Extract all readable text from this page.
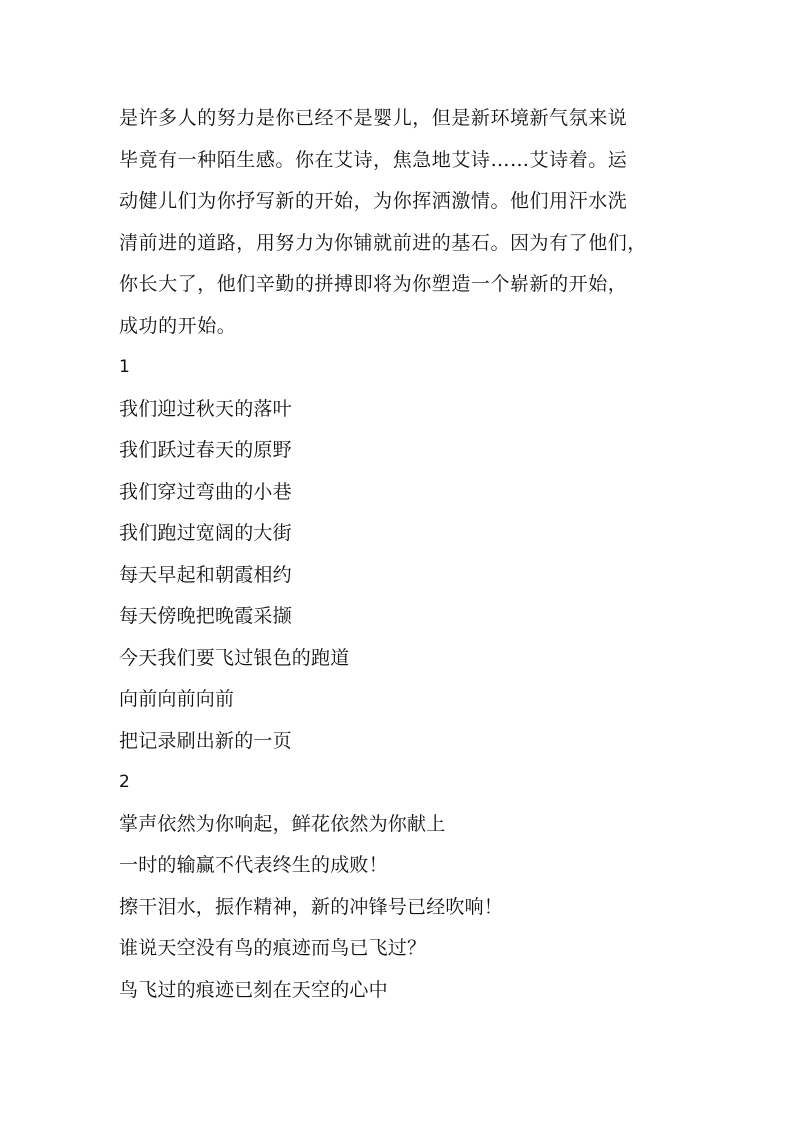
是许多人的努力是你已经不是婴儿，但是新环境新气氛来说
毕竟有一种陌生感。你在艾诗，焦急地艾诗……艾诗着。运
动健儿们为你抒写新的开始，为你挥洒激情。他们用汗水洗
清前进的道路，用努力为你铺就前进的基石。因为有了他们，
你长大了，他们辛勤的拼搏即将为你塑造一个崭新的开始，
成功的开始。
1
我们迎过秋天的落叶
我们跃过春天的原野
我们穿过弯曲的小巷
我们跑过宽阔的大街
每天早起和朝霞相约
每天傍晚把晚霞采撷
今天我们要飞过银色的跑道
向前向前向前
把记录刷出新的一页
2
掌声依然为你响起，鲜花依然为你献上
一时的输赢不代表终生的成败！
擦干泪水，振作精神，新的冲锋号已经吹响！
谁说天空没有鸟的痕迹而鸟已飞过？
鸟飞过的痕迹已刻在天空的心中
